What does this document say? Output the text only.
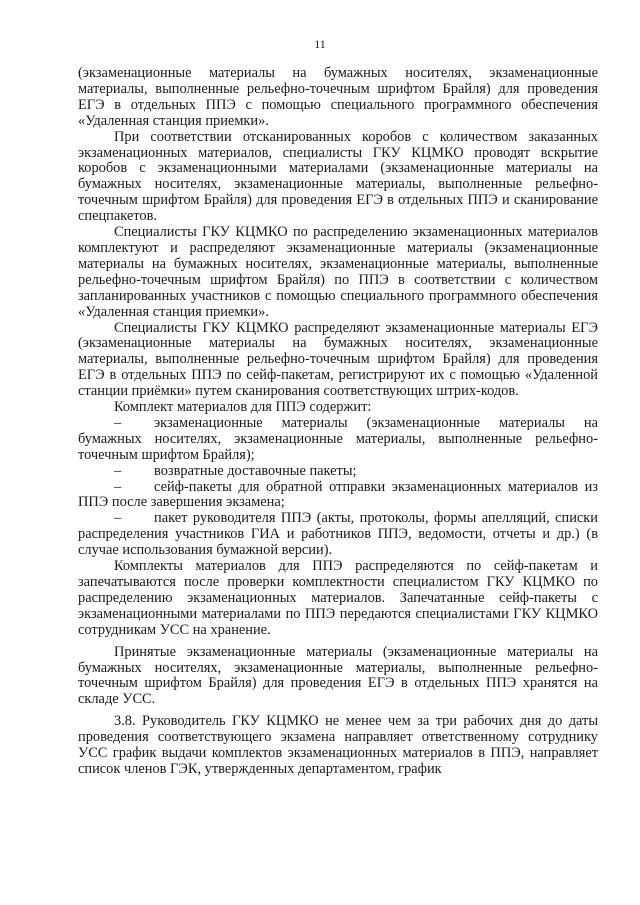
11

(экзаменационные материалы на бумажных носителях, экзаменационные материалы, выполненные рельефно-точечным шрифтом Брайля) для проведения ЕГЭ в отдельных ППЭ с помощью специального программного обеспечения «Удаленная станция приемки».

При соответствии отсканированных коробов с количеством заказанных экзаменационных материалов, специалисты ГКУ КЦМКО проводят вскрытие коробов с экзаменационными материалами (экзаменационные материалы на бумажных носителях, экзаменационные материалы, выполненные рельефно-точечным шрифтом Брайля) для проведения ЕГЭ в отдельных ППЭ и сканирование спецпакетов.

Специалисты ГКУ КЦМКО по распределению экзаменационных материалов комплектуют и распределяют экзаменационные материалы (экзаменационные материалы на бумажных носителях, экзаменационные материалы, выполненные рельефно-точечным шрифтом Брайля) по ППЭ в соответствии с количеством запланированных участников с помощью специального программного обеспечения «Удаленная станция приемки».

Специалисты ГКУ КЦМКО распределяют экзаменационные материалы ЕГЭ (экзаменационные материалы на бумажных носителях, экзаменационные материалы, выполненные рельефно-точечным шрифтом Брайля) для проведения ЕГЭ в отдельных ППЭ по сейф-пакетам, регистрируют их с помощью «Удаленной станции приёмки» путем сканирования соответствующих штрих-кодов.

Комплект материалов для ППЭ содержит:

– экзаменационные материалы (экзаменационные материалы на бумажных носителях, экзаменационные материалы, выполненные рельефно-точечным шрифтом Брайля);

– возвратные доставочные пакеты;

– сейф-пакеты для обратной отправки экзаменационных материалов из ППЭ после завершения экзамена;

– пакет руководителя ППЭ (акты, протоколы, формы апелляций, списки распределения участников ГИА и работников ППЭ, ведомости, отчеты и др.) (в случае использования бумажной версии).

Комплекты материалов для ППЭ распределяются по сейф-пакетам и запечатываются после проверки комплектности специалистом ГКУ КЦМКО по распределению экзаменационных материалов. Запечатанные сейф-пакеты с экзаменационными материалами по ППЭ передаются специалистами ГКУ КЦМКО сотрудникам УСС на хранение.

Принятые экзаменационные материалы (экзаменационные материалы на бумажных носителях, экзаменационные материалы, выполненные рельефно-точечным шрифтом Брайля) для проведения ЕГЭ в отдельных ППЭ хранятся на складе УСС.

3.8. Руководитель ГКУ КЦМКО не менее чем за три рабочих дня до даты проведения соответствующего экзамена направляет ответственному сотруднику УСС график выдачи комплектов экзаменационных материалов в ППЭ, направляет список членов ГЭК, утвержденных департаментом, график
